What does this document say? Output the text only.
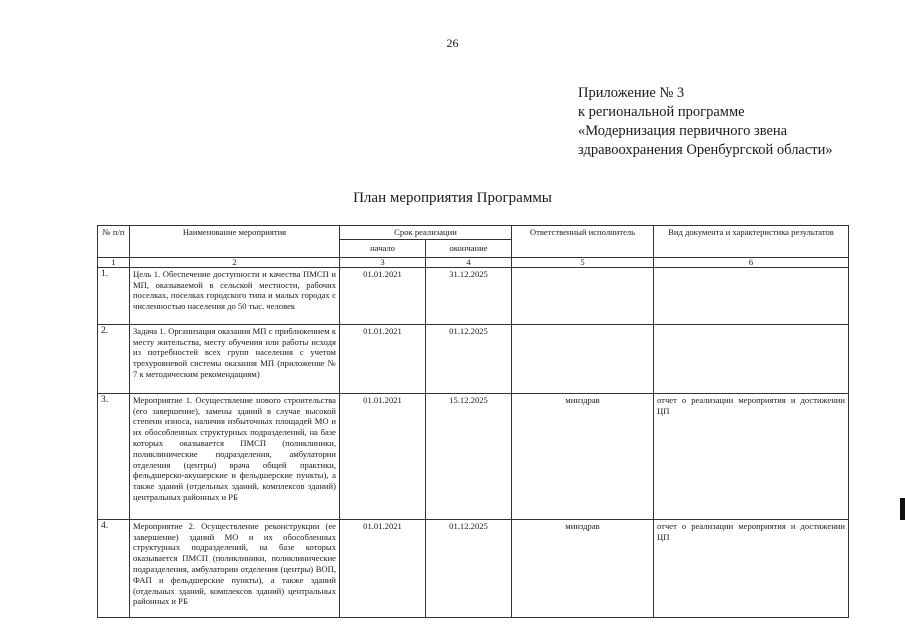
26
Приложение № 3
к региональной программе
«Модернизация первичного звена
здравоохранения Оренбургской области»
План мероприятия Программы
№ п/п	Наименование мероприятия	Срок реализации		Ответственный исполнитель	Вид документа и характеристика результатов
		начало	окончание		
1	2	3	4	5	6
1.	Цель 1. Обеспечение доступности и качества ПМСП и МП, оказываемой в сельской местности, рабочих поселках, поселках городского типа и малых городах с численностью населения до 50 тыс. человек	01.01.2021	31.12.2025		
2.	Задача 1. Организация оказания МП с приближением к месту жительства, месту обучения или работы исходя из потребностей всех групп населения с учетом трехуровневой системы оказания МП (приложение № 7 к методическим рекомендациям)	01.01.2021	01.12.2025		
3.	Мероприятие 1. Осуществление нового строительства (его завершение), замены зданий в случае высокой степени износа, наличия избыточных площадей МО и их обособленных структурных подразделений, на базе которых оказывается ПМСП (поликлиники, поликлинические подразделения, амбулатории отделения (центры) врача общей практики, фельдшерско-акушерские и фельдшерские пункты), а также зданий (отдельных зданий, комплексов зданий) центральных районных и РБ	01.01.2021	15.12.2025	минздрав	отчет о реализации мероприятия и достижении ЦП
4.	Мероприятие 2. Осуществление реконструкции (ее завершение) зданий МО и их обособленных структурных подразделений, на базе которых оказывается ПМСП (поликлиники, поликлинические подразделения, амбулатории отделения (центры) ВОП, ФАП и фельдшерские пункты), а также зданий (отдельных зданий, комплексов зданий) центральных районных и РБ	01.01.2021	01.12.2025	минздрав	отчет о реализации мероприятия и достижении ЦП
